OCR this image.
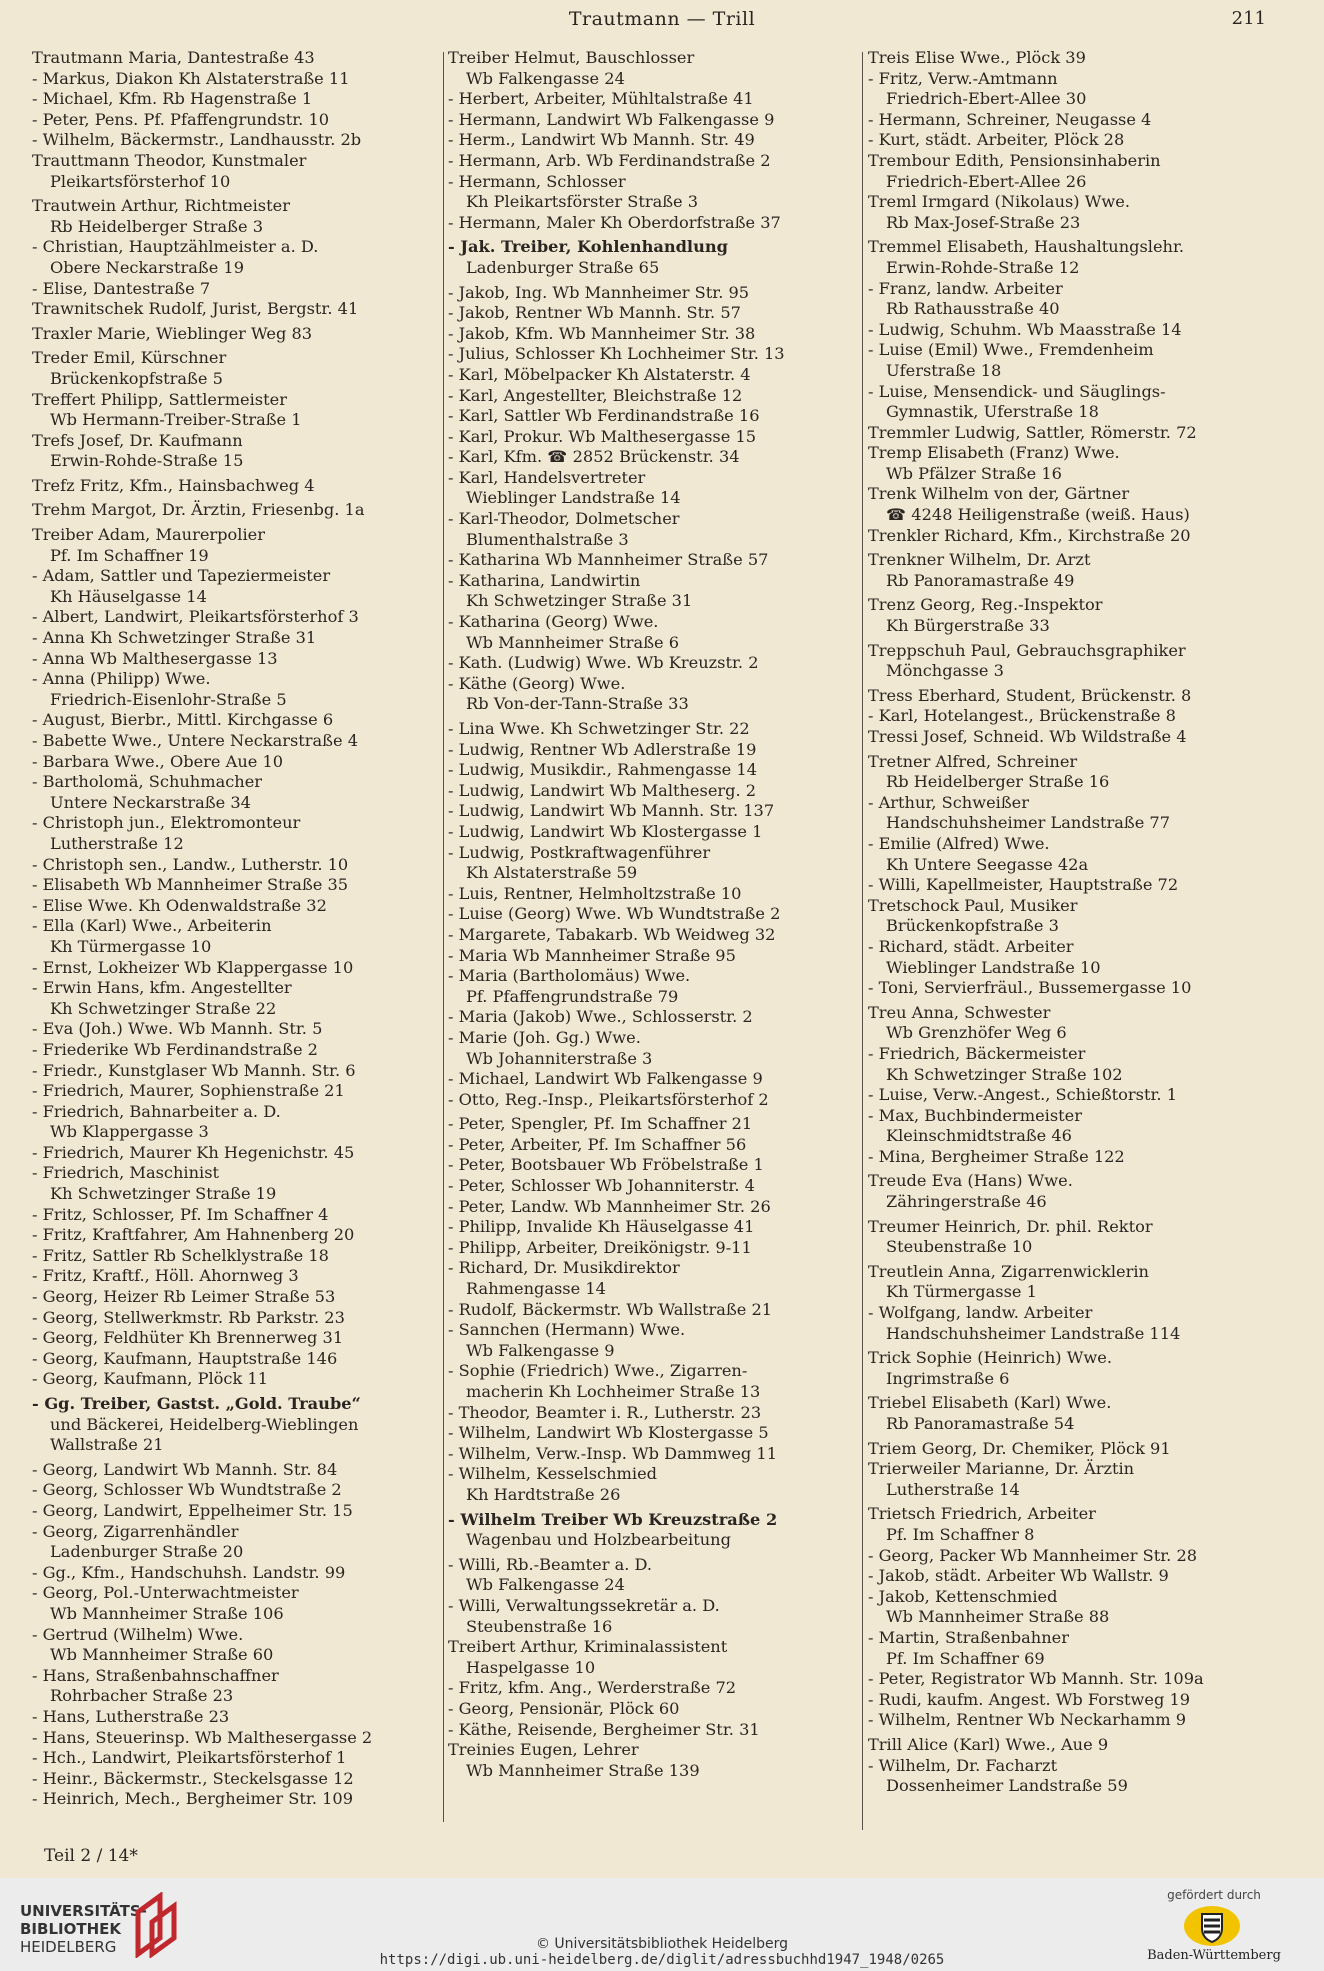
Trautmann — Trill	211
Trautmann Maria, Dantestraße 43
- Markus, Diakon Kh Alstaterstraße 11
- Michael, Kfm. Rb Hagenstraße 1
- Peter, Pens. Pf. Pfaffengrundstr. 10
- Wilhelm, Bäckermstr., Landhausstr. 2b
Trauttmann Theodor, Kunstmaler
Pleikartsförsterhof 10
Trautwein Arthur, Richtmeister
Rb Heidelberger Straße 3
- Christian, Hauptzählmeister a. D.
Obere Neckarstraße 19
- Elise, Dantestraße 7
Trawnitschek Rudolf, Jurist, Bergstr. 41
Traxler Marie, Wieblinger Weg 83
Treder Emil, Kürschner
Brückenkopfstraße 5
Treffert Philipp, Sattlermeister
Wb Hermann-Treiber-Straße 1
Trefs Josef, Dr. Kaufmann
Erwin-Rohde-Straße 15
Trefz Fritz, Kfm., Hainsbachweg 4
Trehm Margot, Dr. Ärztin, Friesenbg. 1a
Treiber Adam, Maurerpolier
Pf. Im Schaffner 19
- Adam, Sattler und Tapeziermeister
Kh Häuselgasse 14
- Albert, Landwirt, Pleikartsförsterhof 3
- Anna Kh Schwetzinger Straße 31
- Anna Wb Malthesergasse 13
- Anna (Philipp) Wwe.
Friedrich-Eisenlohr-Straße 5
- August, Bierbr., Mittl. Kirchgasse 6
- Babette Wwe., Untere Neckarstraße 4
- Barbara Wwe., Obere Aue 10
- Bartholomä, Schuhmacher
Untere Neckarstraße 34
- Christoph jun., Elektromonteur
Lutherstraße 12
- Christoph sen., Landw., Lutherstr. 10
- Elisabeth Wb Mannheimer Straße 35
- Elise Wwe. Kh Odenwaldstraße 32
- Ella (Karl) Wwe., Arbeiterin
Kh Türmergasse 10
- Ernst, Lokheizer Wb Klappergasse 10
- Erwin Hans, kfm. Angestellter
Kh Schwetzinger Straße 22
- Eva (Joh.) Wwe. Wb Mannh. Str. 5
- Friederike Wb Ferdinandstraße 2
- Friedr., Kunstglaser Wb Mannh. Str. 6
- Friedrich, Maurer, Sophienstraße 21
- Friedrich, Bahnarbeiter a. D.
Wb Klappergasse 3
- Friedrich, Maurer Kh Hegenichstr. 45
- Friedrich, Maschinist
Kh Schwetzinger Straße 19
- Fritz, Schlosser, Pf. Im Schaffner 4
- Fritz, Kraftfahrer, Am Hahnenberg 20
- Fritz, Sattler Rb Schelklystraße 18
- Fritz, Kraftf., Höll. Ahornweg 3
- Georg, Heizer Rb Leimer Straße 53
- Georg, Stellwerkmstr. Rb Parkstr. 23
- Georg, Feldhüter Kh Brennerweg 31
- Georg, Kaufmann, Hauptstraße 146
- Georg, Kaufmann, Plöck 11
- Gg. Treiber, Gastst. „Gold. Traube“
und Bäckerei, Heidelberg-Wieblingen
Wallstraße 21
- Georg, Landwirt Wb Mannh. Str. 84
- Georg, Schlosser Wb Wundtstraße 2
- Georg, Landwirt, Eppelheimer Str. 15
- Georg, Zigarrenhändler
Ladenburger Straße 20
- Gg., Kfm., Handschuhsh. Landstr. 99
- Georg, Pol.-Unterwachtmeister
Wb Mannheimer Straße 106
- Gertrud (Wilhelm) Wwe.
Wb Mannheimer Straße 60
- Hans, Straßenbahnschaffner
Rohrbacher Straße 23
- Hans, Lutherstraße 23
- Hans, Steuerinsp. Wb Malthesergasse 2
- Hch., Landwirt, Pleikartsförsterhof 1
- Heinr., Bäckermstr., Steckelsgasse 12
- Heinrich, Mech., Bergheimer Str. 109
Treiber Helmut, Bauschlosser
Wb Falkengasse 24
- Herbert, Arbeiter, Mühltalstraße 41
- Hermann, Landwirt Wb Falkengasse 9
- Herm., Landwirt Wb Mannh. Str. 49
- Hermann, Arb. Wb Ferdinandstraße 2
- Hermann, Schlosser
Kh Pleikartsförster Straße 3
- Hermann, Maler Kh Oberdorfstraße 37
- Jak. Treiber, Kohlenhandlung
Ladenburger Straße 65
- Jakob, Ing. Wb Mannheimer Str. 95
- Jakob, Rentner Wb Mannh. Str. 57
- Jakob, Kfm. Wb Mannheimer Str. 38
- Julius, Schlosser Kh Lochheimer Str. 13
- Karl, Möbelpacker Kh Alstaterstr. 4
- Karl, Angestellter, Bleichstraße 12
- Karl, Sattler Wb Ferdinandstraße 16
- Karl, Prokur. Wb Malthesergasse 15
- Karl, Kfm. ☎ 2852 Brückenstr. 34
- Karl, Handelsvertreter
Wieblinger Landstraße 14
- Karl-Theodor, Dolmetscher
Blumenthalstraße 3
- Katharina Wb Mannheimer Straße 57
- Katharina, Landwirtin
Kh Schwetzinger Straße 31
- Katharina (Georg) Wwe.
Wb Mannheimer Straße 6
- Kath. (Ludwig) Wwe. Wb Kreuzstr. 2
- Käthe (Georg) Wwe.
Rb Von-der-Tann-Straße 33
- Lina Wwe. Kh Schwetzinger Str. 22
- Ludwig, Rentner Wb Adlerstraße 19
- Ludwig, Musikdir., Rahmengasse 14
- Ludwig, Landwirt Wb Maltheserg. 2
- Ludwig, Landwirt Wb Mannh. Str. 137
- Ludwig, Landwirt Wb Klostergasse 1
- Ludwig, Postkraftwagenführer
Kh Alstaterstraße 59
- Luis, Rentner, Helmholtzstraße 10
- Luise (Georg) Wwe. Wb Wundtstraße 2
- Margarete, Tabakarb. Wb Weidweg 32
- Maria Wb Mannheimer Straße 95
- Maria (Bartholomäus) Wwe.
Pf. Pfaffengrundstraße 79
- Maria (Jakob) Wwe., Schlosserstr. 2
- Marie (Joh. Gg.) Wwe.
Wb Johanniterstraße 3
- Michael, Landwirt Wb Falkengasse 9
- Otto, Reg.-Insp., Pleikartsförsterhof 2
- Peter, Spengler, Pf. Im Schaffner 21
- Peter, Arbeiter, Pf. Im Schaffner 56
- Peter, Bootsbauer Wb Fröbelstraße 1
- Peter, Schlosser Wb Johanniterstr. 4
- Peter, Landw. Wb Mannheimer Str. 26
- Philipp, Invalide Kh Häuselgasse 41
- Philipp, Arbeiter, Dreikönigstr. 9-11
- Richard, Dr. Musikdirektor
Rahmengasse 14
- Rudolf, Bäckermstr. Wb Wallstraße 21
- Sannchen (Hermann) Wwe.
Wb Falkengasse 9
- Sophie (Friedrich) Wwe., Zigarren-
macherin Kh Lochheimer Straße 13
- Theodor, Beamter i. R., Lutherstr. 23
- Wilhelm, Landwirt Wb Klostergasse 5
- Wilhelm, Verw.-Insp. Wb Dammweg 11
- Wilhelm, Kesselschmied
Kh Hardtstraße 26
- Wilhelm Treiber Wb Kreuzstraße 2
Wagenbau und Holzbearbeitung
- Willi, Rb.-Beamter a. D.
Wb Falkengasse 24
- Willi, Verwaltungssekretär a. D.
Steubenstraße 16
Treibert Arthur, Kriminalassistent
Haspelgasse 10
- Fritz, kfm. Ang., Werderstraße 72
- Georg, Pensionär, Plöck 60
- Käthe, Reisende, Bergheimer Str. 31
Treinies Eugen, Lehrer
Wb Mannheimer Straße 139
Treis Elise Wwe., Plöck 39
- Fritz, Verw.-Amtmann
Friedrich-Ebert-Allee 30
- Hermann, Schreiner, Neugasse 4
- Kurt, städt. Arbeiter, Plöck 28
Trembour Edith, Pensionsinhaberin
Friedrich-Ebert-Allee 26
Treml Irmgard (Nikolaus) Wwe.
Rb Max-Josef-Straße 23
Tremmel Elisabeth, Haushaltungslehr.
Erwin-Rohde-Straße 12
- Franz, landw. Arbeiter
Rb Rathausstraße 40
- Ludwig, Schuhm. Wb Maasstraße 14
- Luise (Emil) Wwe., Fremdenheim
Uferstraße 18
- Luise, Mensendick- und Säuglings-
Gymnastik, Uferstraße 18
Tremmler Ludwig, Sattler, Römerstr. 72
Tremp Elisabeth (Franz) Wwe.
Wb Pfälzer Straße 16
Trenk Wilhelm von der, Gärtner
☎ 4248 Heiligenstraße (weiß. Haus)
Trenkler Richard, Kfm., Kirchstraße 20
Trenkner Wilhelm, Dr. Arzt
Rb Panoramastraße 49
Trenz Georg, Reg.-Inspektor
Kh Bürgerstraße 33
Treppschuh Paul, Gebrauchsgraphiker
Mönchgasse 3
Tress Eberhard, Student, Brückenstr. 8
- Karl, Hotelangest., Brückenstraße 8
Tressi Josef, Schneid. Wb Wildstraße 4
Tretner Alfred, Schreiner
Rb Heidelberger Straße 16
- Arthur, Schweißer
Handschuhsheimer Landstraße 77
- Emilie (Alfred) Wwe.
Kh Untere Seegasse 42a
- Willi, Kapellmeister, Hauptstraße 72
Tretschock Paul, Musiker
Brückenkopfstraße 3
- Richard, städt. Arbeiter
Wieblinger Landstraße 10
- Toni, Servierfräul., Bussemergasse 10
Treu Anna, Schwester
Wb Grenzhöfer Weg 6
- Friedrich, Bäckermeister
Kh Schwetzinger Straße 102
- Luise, Verw.-Angest., Schießtorstr. 1
- Max, Buchbindermeister
Kleinschmidtstraße 46
- Mina, Bergheimer Straße 122
Treude Eva (Hans) Wwe.
Zähringerstraße 46
Treumer Heinrich, Dr. phil. Rektor
Steubenstraße 10
Treutlein Anna, Zigarrenwicklerin
Kh Türmergasse 1
- Wolfgang, landw. Arbeiter
Handschuhsheimer Landstraße 114
Trick Sophie (Heinrich) Wwe.
Ingrimstraße 6
Triebel Elisabeth (Karl) Wwe.
Rb Panoramastraße 54
Triem Georg, Dr. Chemiker, Plöck 91
Trierweiler Marianne, Dr. Ärztin
Lutherstraße 14
Trietsch Friedrich, Arbeiter
Pf. Im Schaffner 8
- Georg, Packer Wb Mannheimer Str. 28
- Jakob, städt. Arbeiter Wb Wallstr. 9
- Jakob, Kettenschmied
Wb Mannheimer Straße 88
- Martin, Straßenbahner
Pf. Im Schaffner 69
- Peter, Registrator Wb Mannh. Str. 109a
- Rudi, kaufm. Angest. Wb Forstweg 19
- Wilhelm, Rentner Wb Neckarhamm 9
Trill Alice (Karl) Wwe., Aue 9
- Wilhelm, Dr. Facharzt
Dossenheimer Landstraße 59
Teil 2 / 14*
UNIVERSITÄTS-
BIBLIOTHEK
HEIDELBERG	© Universitätsbibliothek Heidelberg
https://digi.ub.uni-heidelberg.de/diglit/adressbuchhd1947_1948/0265
gefördert durch
Baden-Württemberg
